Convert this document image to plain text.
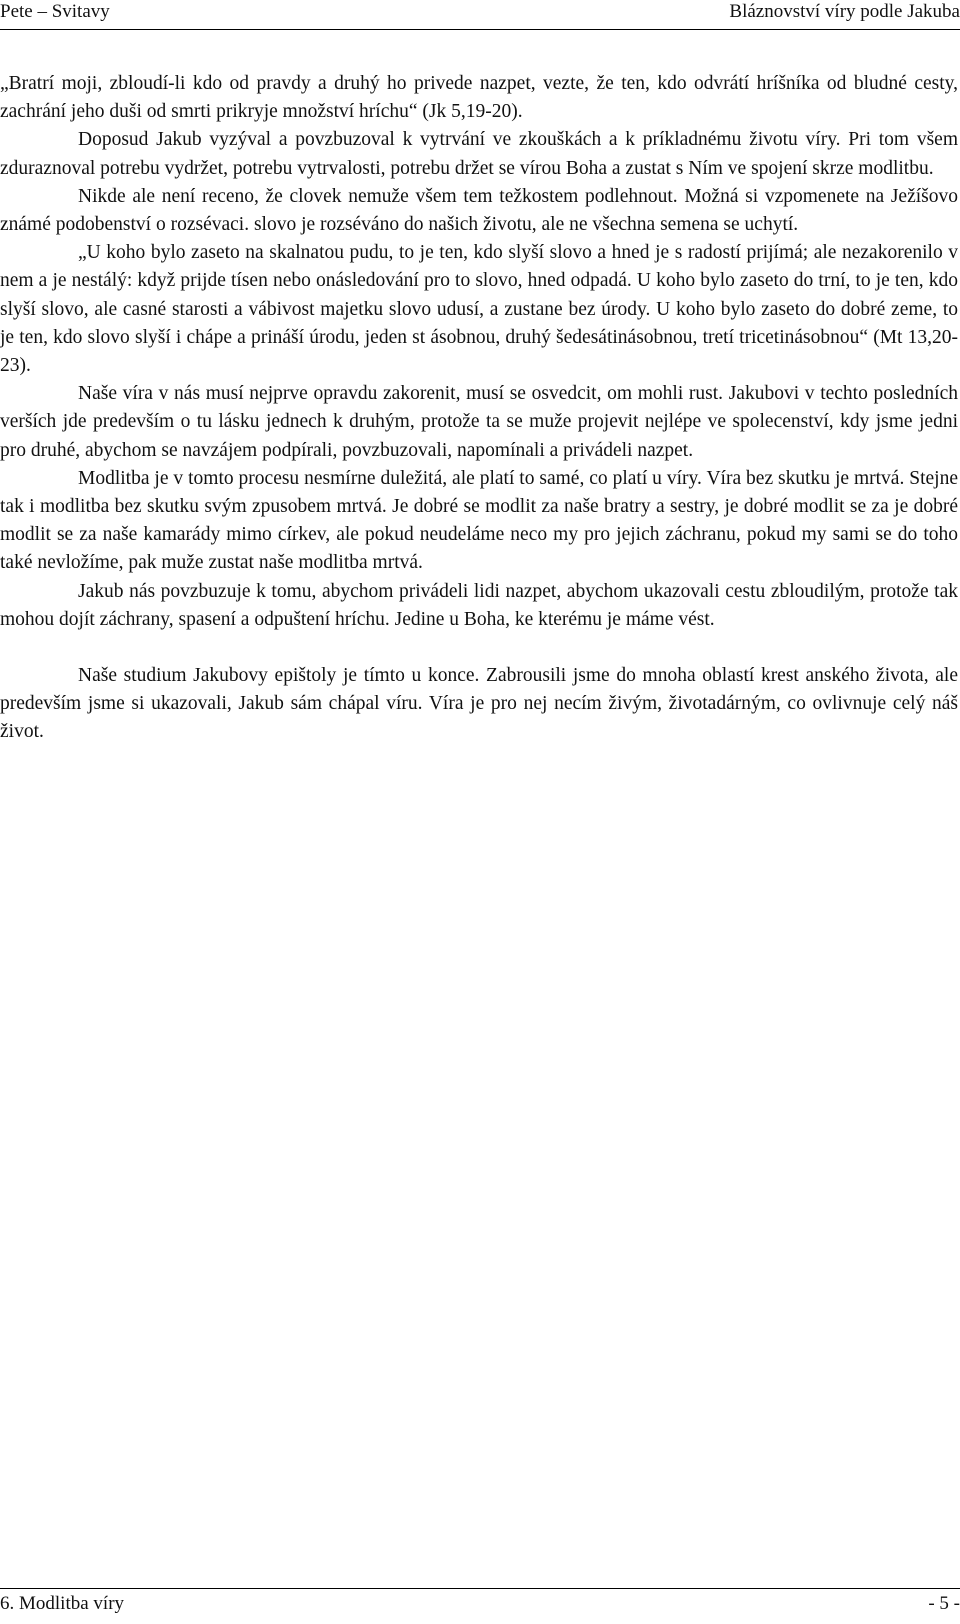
Pete – Svitavy	Bláznovství víry podle Jakuba

„Bratrí moji, zbloudí-li kdo od pravdy a druhý ho privede nazpet, vezte, že ten, kdo odvrátí hríšníka od bludné cesty, zachrání jeho duši od smrti prikryje množství hríchu“ (Jk 5,19-20).

Doposud Jakub vyzýval a povzbuzoval k vytrvání ve zkouškách a k príkladnému životu víry. Pri tom všem zduraznoval potrebu vydržet, potrebu vytrvalosti, potrebu držet se vírou Boha a zustat s Ním ve spojení skrze modlitbu.

Nikde ale není receno, že clovek nemuže všem tem težkostem podlehnout. Možná si vzpomenete na Ježíšovo známé podobenství o rozsévaci. slovo je rozséváno do našich životu, ale ne všechna semena se uchytí.

„U koho bylo zaseto na skalnatou pudu, to je ten, kdo slyší slovo a hned je s radostí prijímá; ale nezakorenilo v nem a je nestálý: když prijde tísen nebo onásledování pro to slovo, hned odpadá. U koho bylo zaseto do trní, to je ten, kdo slyší slovo, ale casné starosti a vábivost majetku slovo udusí, a zustane bez úrody. U koho bylo zaseto do dobré zeme, to je ten, kdo slovo slyší i chápe a prináší úrodu, jeden st ásobnou, druhý šedesátinásobnou, tretí tricetinásobnou“ (Mt 13,20-23).

Naše víra v nás musí nejprve opravdu zakorenit, musí se osvedcit, om mohli rust. Jakubovi v techto posledních verších jde predevším o tu lásku jednech k druhým, protože ta se muže projevit nejlépe ve spolecenství, kdy jsme jedni pro druhé, abychom se navzájem podpírali, povzbuzovali, napomínali a privádeli nazpet.

Modlitba je v tomto procesu nesmírne duležitá, ale platí to samé, co platí u víry. Víra bez skutku je mrtvá. Stejne tak i modlitba bez skutku svým zpusobem mrtvá. Je dobré se modlit za naše bratry a sestry, je dobré modlit se za je dobré modlit se za naše kamarády mimo církev, ale pokud neudeláme neco my pro jejich záchranu, pokud my sami se do toho také nevložíme, pak muže zustat naše modlitba mrtvá.

Jakub nás povzbuzuje k tomu, abychom privádeli lidi nazpet, abychom ukazovali cestu zbloudilým, protože tak mohou dojít záchrany, spasení a odpuštení hríchu. Jedine u Boha, ke kterému je máme vést.

Naše studium Jakubovy epištoly je tímto u konce. Zabrousili jsme do mnoha oblastí krest anského života, ale predevším jsme si ukazovali, Jakub sám chápal víru. Víra je pro nej necím živým, životadárným, co ovlivnuje celý náš život.

6. Modlitba víry	- 5 -
